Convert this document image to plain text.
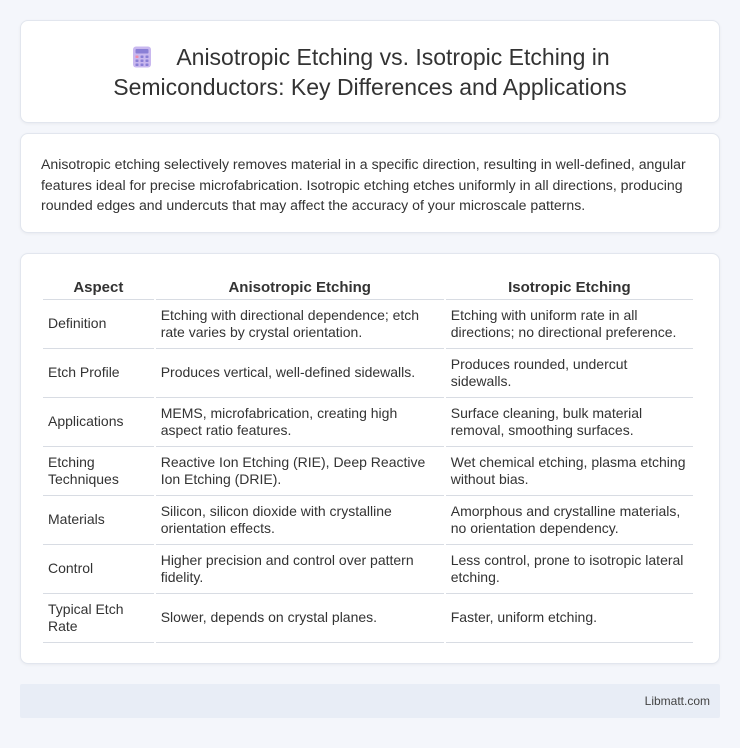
Anisotropic Etching vs. Isotropic Etching in Semiconductors: Key Differences and Applications

Anisotropic etching selectively removes material in a specific direction, resulting in well-defined, angular features ideal for precise microfabrication. Isotropic etching etches uniformly in all directions, producing rounded edges and undercuts that may affect the accuracy of your microscale patterns.

Aspect	Anisotropic Etching	Isotropic Etching
Definition	Etching with directional dependence; etch rate varies by crystal orientation.	Etching with uniform rate in all directions; no directional preference.
Etch Profile	Produces vertical, well-defined sidewalls.	Produces rounded, undercut sidewalls.
Applications	MEMS, microfabrication, creating high aspect ratio features.	Surface cleaning, bulk material removal, smoothing surfaces.
Etching Techniques	Reactive Ion Etching (RIE), Deep Reactive Ion Etching (DRIE).	Wet chemical etching, plasma etching without bias.
Materials	Silicon, silicon dioxide with crystalline orientation effects.	Amorphous and crystalline materials, no orientation dependency.
Control	Higher precision and control over pattern fidelity.	Less control, prone to isotropic lateral etching.
Typical Etch Rate	Slower, depends on crystal planes.	Faster, uniform etching.
Libmatt.com
